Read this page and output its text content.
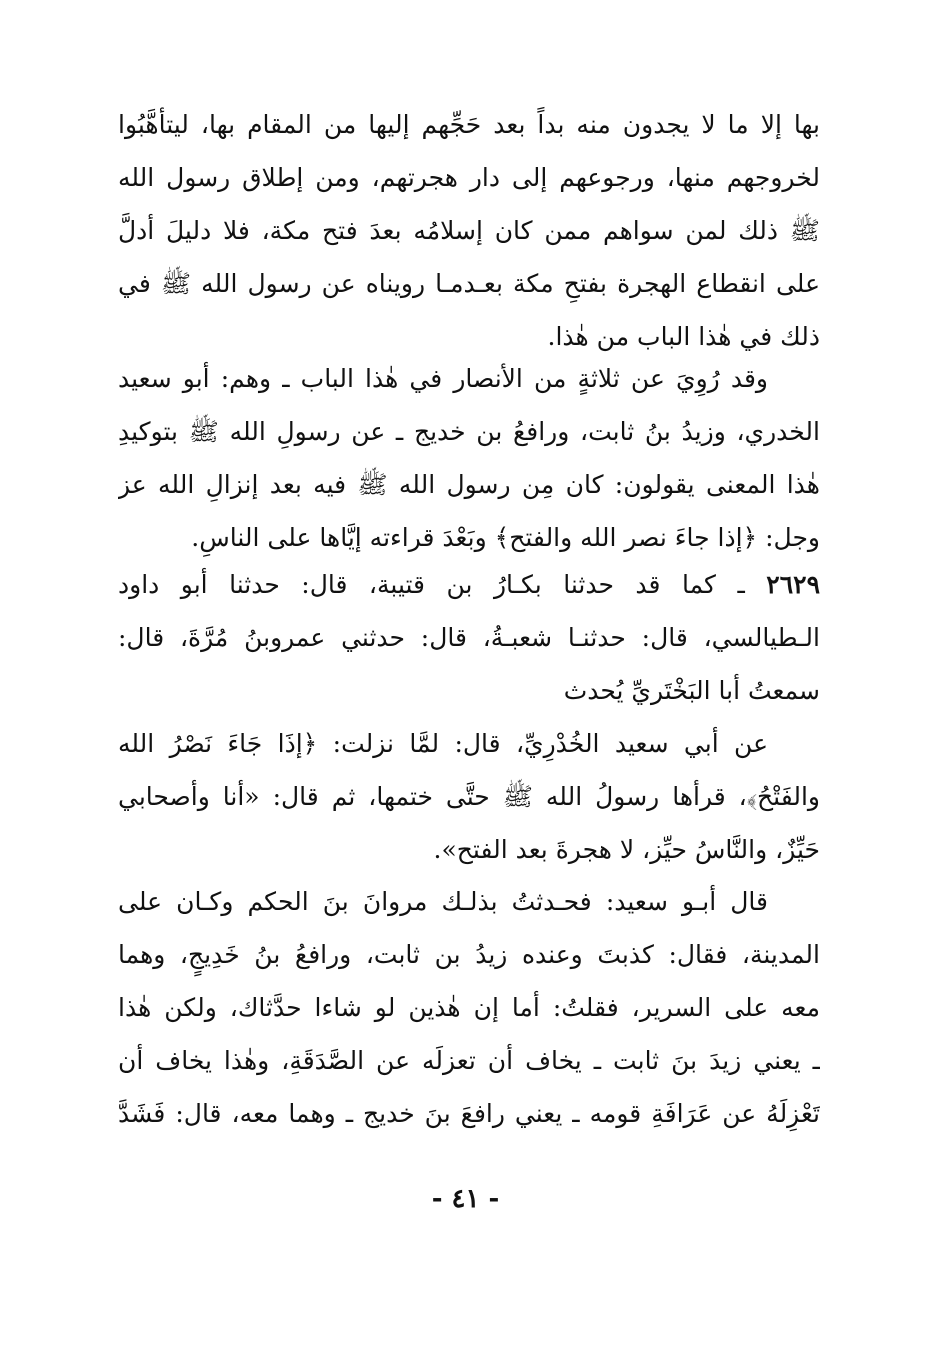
بها إلا ما لا يجدون منه بداً بعد حَجِّهم إليها من المقام بها، ليتأهَّبُوا
لخروجهم منها، ورجوعهم إلى دار هجرتهم، ومن إطلاق رسول الله
ﷺ ذلك لمن سواهم ممن كان إسلامُه بعدَ فتح مكة، فلا دليلَ أدلَّ
على انقطاع الهجرة بفتحِ مكة بعـدمـا رويناه عن رسول الله ﷺ في
ذلك في هٰذا الباب من هٰذا.
وقد رُوِيَ عن ثلاثةٍ من الأنصار في هٰذا الباب ـ وهم: أبو سعيد
الخدري، وزيدُ بنُ ثابت، ورافعُ بن خديج ـ عن رسولِ الله ﷺ بتوكيدِ
هٰذا المعنى يقولون: كان مِن رسول الله ﷺ فيه بعد إنزالِ الله عز
وجل: ﴿إذا جاءَ نصر الله والفتح﴾ وبَعْدَ قراءته إيَّاها على الناسِ.
٢٦٢٩ ـ كما قد حدثنا بكـارُ بن قتيبة، قال: حدثنا أبو داود
الـطيالسي، قال: حدثنـا شعبـةُ، قال: حدثني عمروبنُ مُرَّةَ، قال:
سمعتُ أبا البَخْتَريِّ يُحدث
عن أبي سعيد الخُدْرِيِّ، قال: لمَّا نزلت: ﴿إذَا جَاءَ نَصْرُ الله
والفَتْحُ﴾، قرأها رسولُ الله ﷺ حتَّى ختمها، ثم قال: «أنا وأصحابي
حَيِّزٌ، والنَّاسُ حيِّز، لا هجرةَ بعد الفتح».
قال أبـو سعيد: فحـدثتُ بذلـك مروانَ بنَ الحكم وكـان على
المدينة، فقال: كذبتَ وعنده زيدُ بن ثابت، ورافعُ بنُ خَدِيجٍ، وهما
معه على السرير، فقلتُ: أما إن هٰذين لو شاءا حدَّثاك، ولكن هٰذا
ـ يعني زيدَ بنَ ثابت ـ يخاف أن تعزلَه عن الصَّدَقَةِ، وهٰذا يخاف أن
تَعْزِلَهُ عن عَرَافَةِ قومه ـ يعني رافعَ بنَ خديج ـ وهما معه، قال: فَشَدَّ
- ٤١ -
